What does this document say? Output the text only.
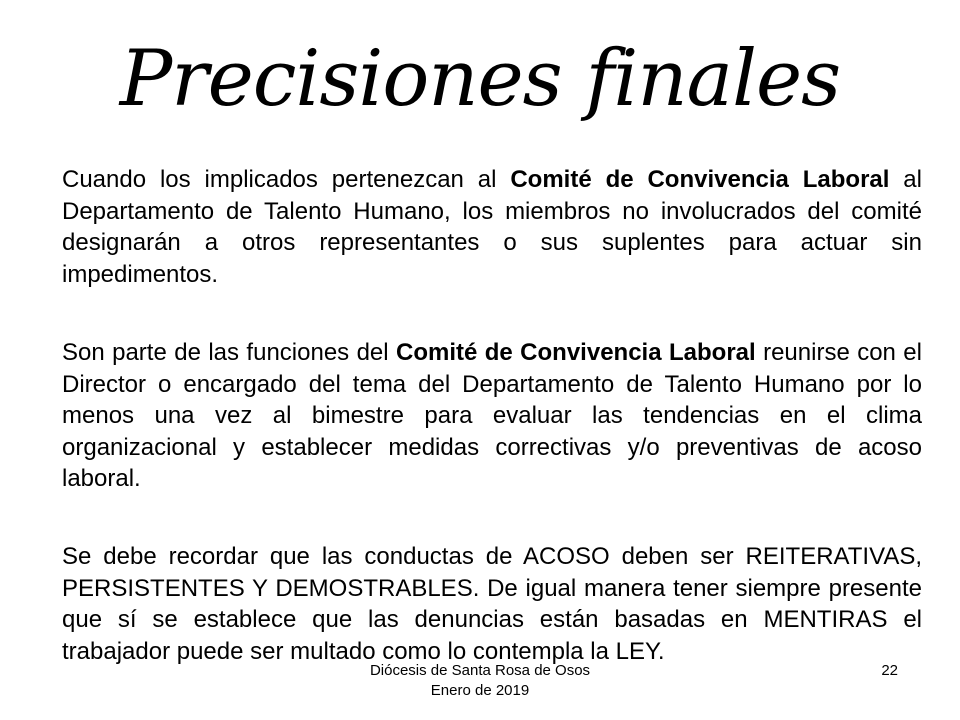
Precisiones finales

Cuando los implicados pertenezcan al Comité de Convivencia Laboral al Departamento de Talento Humano, los miembros no involucrados del comité designarán a otros representantes o sus suplentes para actuar sin impedimentos.

Son parte de las funciones del Comité de Convivencia Laboral reunirse con el Director o encargado del tema del Departamento de Talento Humano por lo menos una vez al bimestre para evaluar las tendencias en el clima organizacional y establecer medidas correctivas y/o preventivas de acoso laboral.

Se debe recordar que las conductas de ACOSO deben ser REITERATIVAS, PERSISTENTES Y DEMOSTRABLES. De igual manera tener siempre presente que sí se establece que las denuncias están basadas en MENTIRAS el trabajador puede ser multado como lo contempla la LEY.

Diócesis de Santa Rosa de Osos
Enero de 2019
22
